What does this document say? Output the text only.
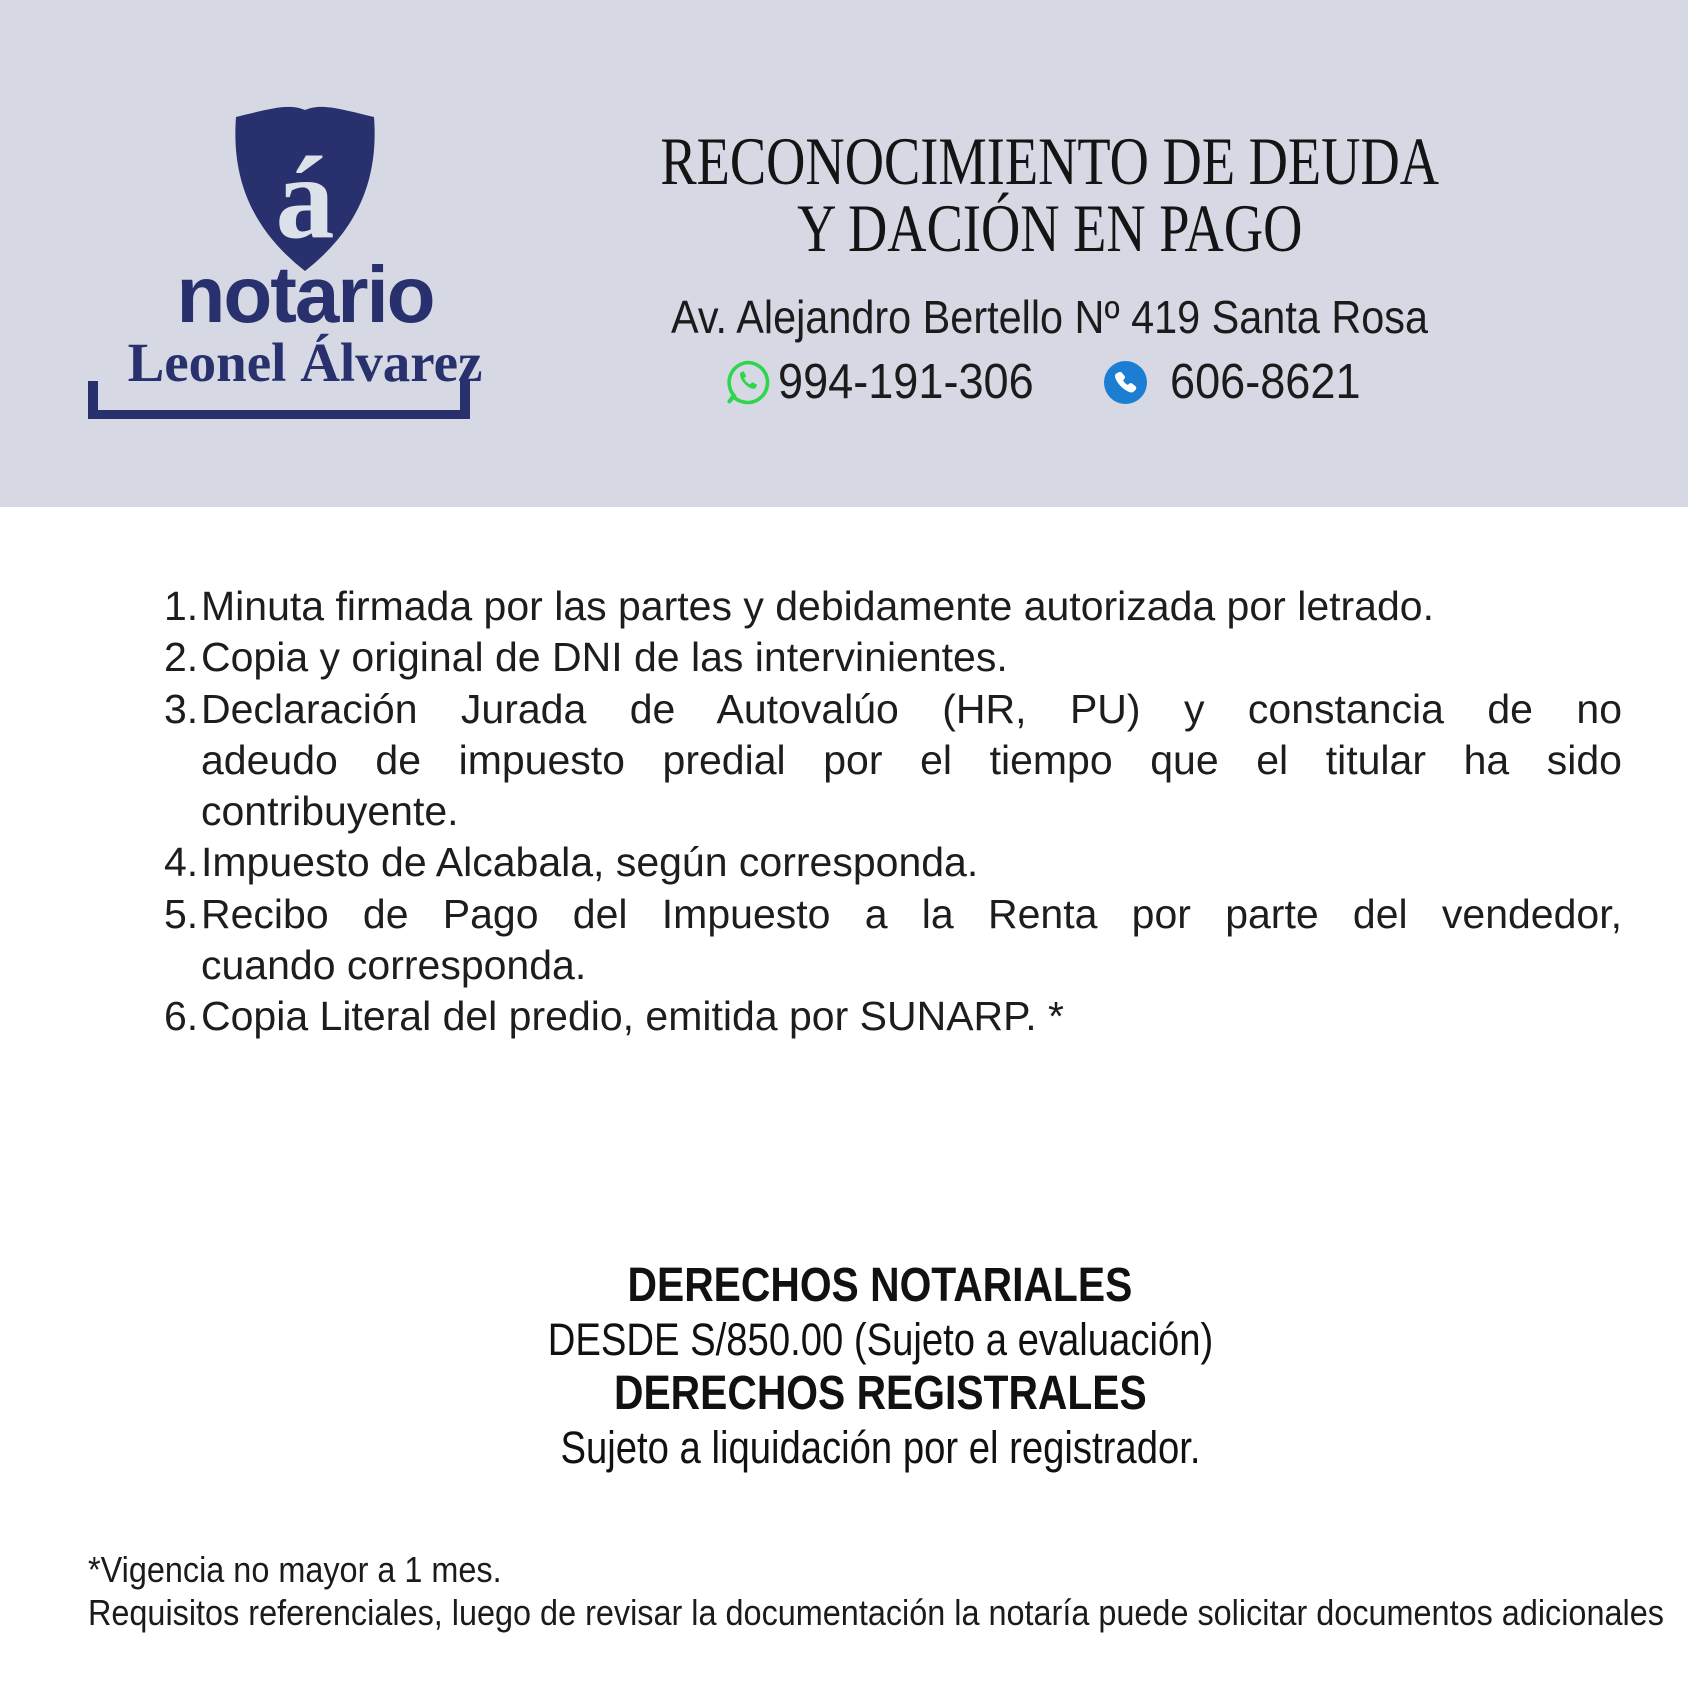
á
notario
Leonel Álvarez
RECONOCIMIENTO DE DEUDA
Y DACIÓN EN PAGO
Av. Alejandro Bertello Nº 419 Santa Rosa
994-191-306	606-8621
1. Minuta firmada por las partes y debidamente autorizada por letrado.
2. Copia y original de DNI de las intervinientes.
3. Declaración Jurada de Autovalúo (HR, PU) y constancia de no
adeudo de impuesto predial por el tiempo que el titular ha sido
contribuyente.
4. Impuesto de Alcabala, según corresponda.
5. Recibo de Pago del Impuesto a la Renta por parte del vendedor,
cuando corresponda.
6. Copia Literal del predio, emitida por SUNARP. *
DERECHOS NOTARIALES
DESDE S/850.00 (Sujeto a evaluación)
DERECHOS REGISTRALES
Sujeto a liquidación por el registrador.
*Vigencia no mayor a 1 mes.
Requisitos referenciales, luego de revisar la documentación la notaría puede solicitar documentos adicionales
